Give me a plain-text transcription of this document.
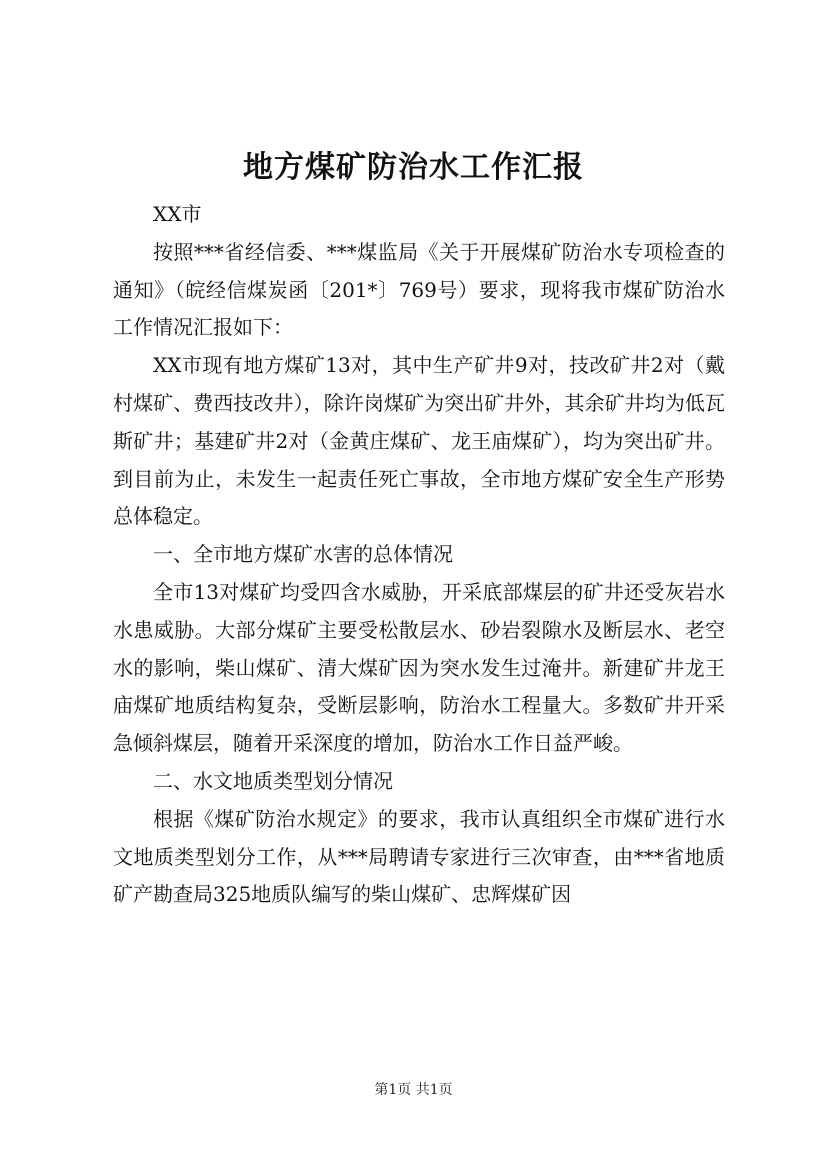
地方煤矿防治水工作汇报

XX市

按照***省经信委、***煤监局《关于开展煤矿防治水专项检查的通知》（皖经信煤炭函〔201*〕769号）要求，现将我市煤矿防治水工作情况汇报如下：

XX市现有地方煤矿13对，其中生产矿井9对，技改矿井2对（戴村煤矿、费西技改井），除许岗煤矿为突出矿井外，其余矿井均为低瓦斯矿井；基建矿井2对（金黄庄煤矿、龙王庙煤矿），均为突出矿井。到目前为止，未发生一起责任死亡事故，全市地方煤矿安全生产形势总体稳定。

一、全市地方煤矿水害的总体情况

全市13对煤矿均受四含水威胁，开采底部煤层的矿井还受灰岩水水患威胁。大部分煤矿主要受松散层水、砂岩裂隙水及断层水、老空水的影响，柴山煤矿、清大煤矿因为突水发生过淹井。新建矿井龙王庙煤矿地质结构复杂，受断层影响，防治水工程量大。多数矿井开采急倾斜煤层，随着开采深度的增加，防治水工作日益严峻。

二、水文地质类型划分情况

根据《煤矿防治水规定》的要求，我市认真组织全市煤矿进行水文地质类型划分工作，从***局聘请专家进行三次审查，由***省地质矿产勘查局325地质队编写的柴山煤矿、忠辉煤矿因

第1页 共1页
